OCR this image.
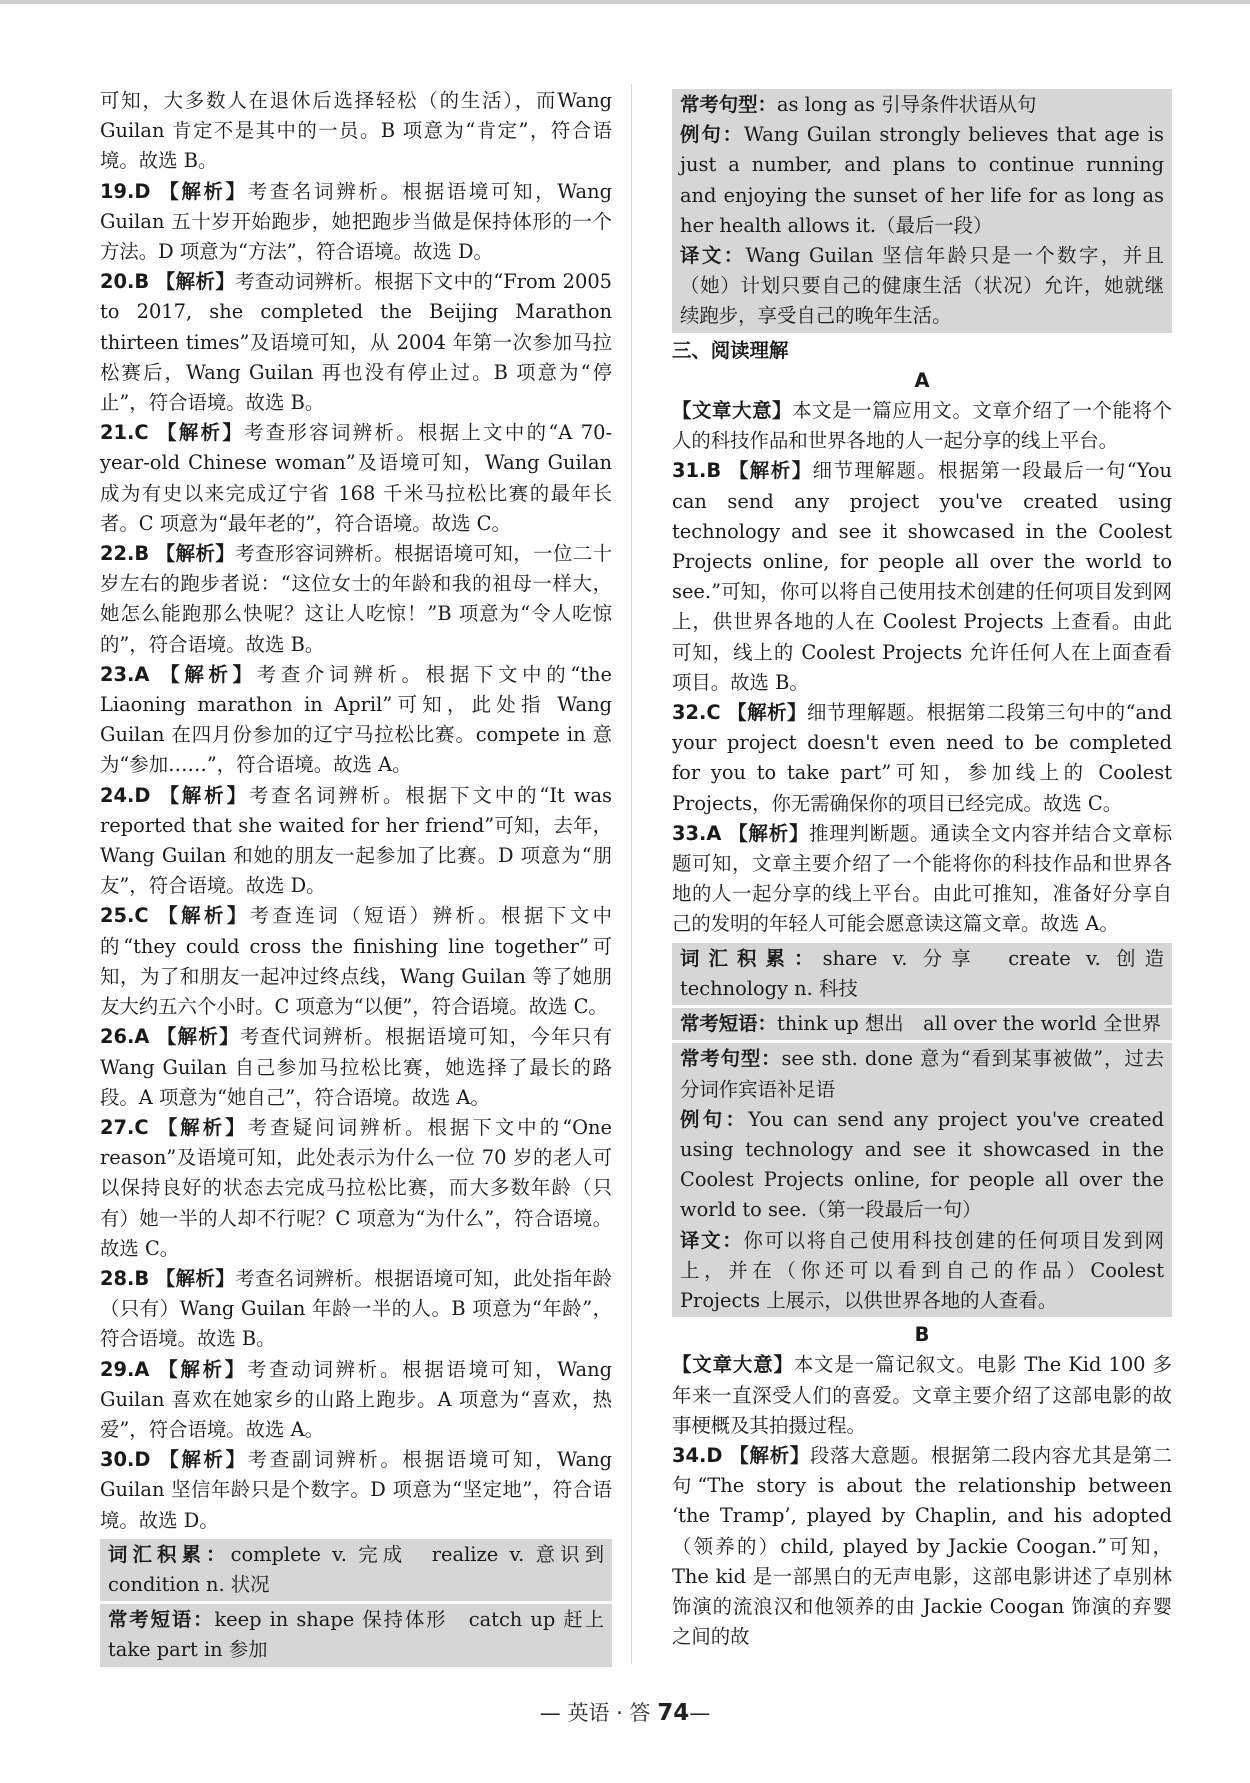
可知，大多数人在退休后选择轻松（的生活），而Wang Guilan 肯定不是其中的一员。B 项意为“肯定”，符合语境。故选 B。

19.D 【解析】考查名词辨析。根据语境可知，Wang Guilan 五十岁开始跑步，她把跑步当做是保持体形的一个方法。D 项意为“方法”，符合语境。故选 D。

20.B 【解析】考查动词辨析。根据下文中的“From 2005 to 2017, she completed the Beijing Marathon thirteen times”及语境可知，从 2004 年第一次参加马拉松赛后，Wang Guilan 再也没有停止过。B 项意为“停止”，符合语境。故选 B。

21.C 【解析】考查形容词辨析。根据上文中的“A 70-year-old Chinese woman”及语境可知，Wang Guilan 成为有史以来完成辽宁省 168 千米马拉松比赛的最年长者。C 项意为“最年老的”，符合语境。故选 C。

22.B 【解析】考查形容词辨析。根据语境可知，一位二十岁左右的跑步者说：“这位女士的年龄和我的祖母一样大，她怎么能跑那么快呢？这让人吃惊！”B 项意为“令人吃惊的”，符合语境。故选 B。

23.A 【解析】考查介词辨析。根据下文中的“the Liaoning marathon in April”可知，此处指 Wang Guilan 在四月份参加的辽宁马拉松比赛。compete in 意为“参加……”，符合语境。故选 A。

24.D 【解析】考查名词辨析。根据下文中的“It was reported that she waited for her friend”可知，去年，Wang Guilan 和她的朋友一起参加了比赛。D 项意为“朋友”，符合语境。故选 D。

25.C 【解析】考查连词（短语）辨析。根据下文中的“they could cross the finishing line together”可知，为了和朋友一起冲过终点线，Wang Guilan 等了她朋友大约五六个小时。C 项意为“以便”，符合语境。故选 C。

26.A 【解析】考查代词辨析。根据语境可知，今年只有 Wang Guilan 自己参加马拉松比赛，她选择了最长的路段。A 项意为“她自己”，符合语境。故选 A。

27.C 【解析】考查疑问词辨析。根据下文中的“One reason”及语境可知，此处表示为什么一位 70 岁的老人可以保持良好的状态去完成马拉松比赛，而大多数年龄（只有）她一半的人却不行呢？C 项意为“为什么”，符合语境。故选 C。

28.B 【解析】考查名词辨析。根据语境可知，此处指年龄（只有）Wang Guilan 年龄一半的人。B 项意为“年龄”，符合语境。故选 B。

29.A 【解析】考查动词辨析。根据语境可知，Wang Guilan 喜欢在她家乡的山路上跑步。A 项意为“喜欢，热爱”，符合语境。故选 A。

30.D 【解析】考查副词辨析。根据语境可知，Wang Guilan 坚信年龄只是个数字。D 项意为“坚定地”，符合语境。故选 D。

词汇积累：complete v. 完成　realize v. 意识到　condition n. 状况

常考短语：keep in shape 保持体形　catch up 赶上　take part in 参加

常考句型：as long as 引导条件状语从句

例句：Wang Guilan strongly believes that age is just a number, and plans to continue running and enjoying the sunset of her life for as long as her health allows it.（最后一段）

译文：Wang Guilan 坚信年龄只是一个数字，并且（她）计划只要自己的健康生活（状况）允许，她就继续跑步，享受自己的晚年生活。

三、阅读理解

A

【文章大意】本文是一篇应用文。文章介绍了一个能将个人的科技作品和世界各地的人一起分享的线上平台。

31.B 【解析】细节理解题。根据第一段最后一句“You can send any project you've created using technology and see it showcased in the Coolest Projects online, for people all over the world to see.”可知，你可以将自己使用技术创建的任何项目发到网上，供世界各地的人在 Coolest Projects 上查看。由此可知，线上的 Coolest Projects 允许任何人在上面查看项目。故选 B。

32.C 【解析】细节理解题。根据第二段第三句中的“and your project doesn't even need to be completed for you to take part”可知，参加线上的 Coolest Projects，你无需确保你的项目已经完成。故选 C。

33.A 【解析】推理判断题。通读全文内容并结合文章标题可知，文章主要介绍了一个能将你的科技作品和世界各地的人一起分享的线上平台。由此可推知，准备好分享自己的发明的年轻人可能会愿意读这篇文章。故选 A。

词汇积累：share v. 分享　create v. 创造　technology n. 科技

常考短语：think up 想出　all over the world 全世界

常考句型：see sth. done 意为“看到某事被做”，过去分词作宾语补足语

例句：You can send any project you've created using technology and see it showcased in the Coolest Projects online, for people all over the world to see.（第一段最后一句）

译文：你可以将自己使用科技创建的任何项目发到网上，并在（你还可以看到自己的作品）Coolest Projects 上展示，以供世界各地的人查看。

B

【文章大意】本文是一篇记叙文。电影 The Kid 100 多年来一直深受人们的喜爱。文章主要介绍了这部电影的故事梗概及其拍摄过程。

34.D 【解析】段落大意题。根据第二段内容尤其是第二句“The story is about the relationship between ‘the Tramp’, played by Chaplin, and his adopted（领养的）child, played by Jackie Coogan.”可知，The kid 是一部黑白的无声电影，这部电影讲述了卓别林饰演的流浪汉和他领养的由 Jackie Coogan 饰演的弃婴之间的故

— 英语 · 答 74—
